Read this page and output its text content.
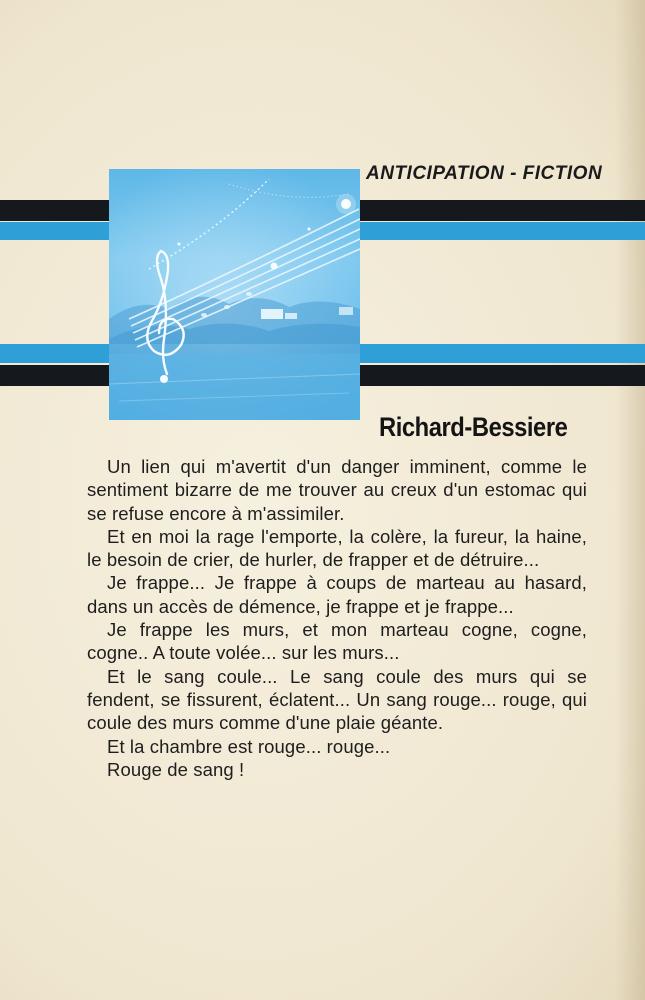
ANTICIPATION - FICTION
Richard-Bessiere

Un lien qui m'avertit d'un danger imminent, comme le sentiment bizarre de me trouver au creux d'un estomac qui se refuse encore à m'assimiler.

Et en moi la rage l'emporte, la colère, la fureur, la haine, le besoin de crier, de hurler, de frapper et de détruire...

Je frappe... Je frappe à coups de marteau au hasard, dans un accès de démence, je frappe et je frappe...

Je frappe les murs, et mon marteau cogne, cogne, cogne.. A toute volée... sur les murs...

Et le sang coule... Le sang coule des murs qui se fendent, se fissurent, éclatent... Un sang rouge... rouge, qui coule des murs comme d'une plaie géante.

Et la chambre est rouge... rouge...

Rouge de sang !
